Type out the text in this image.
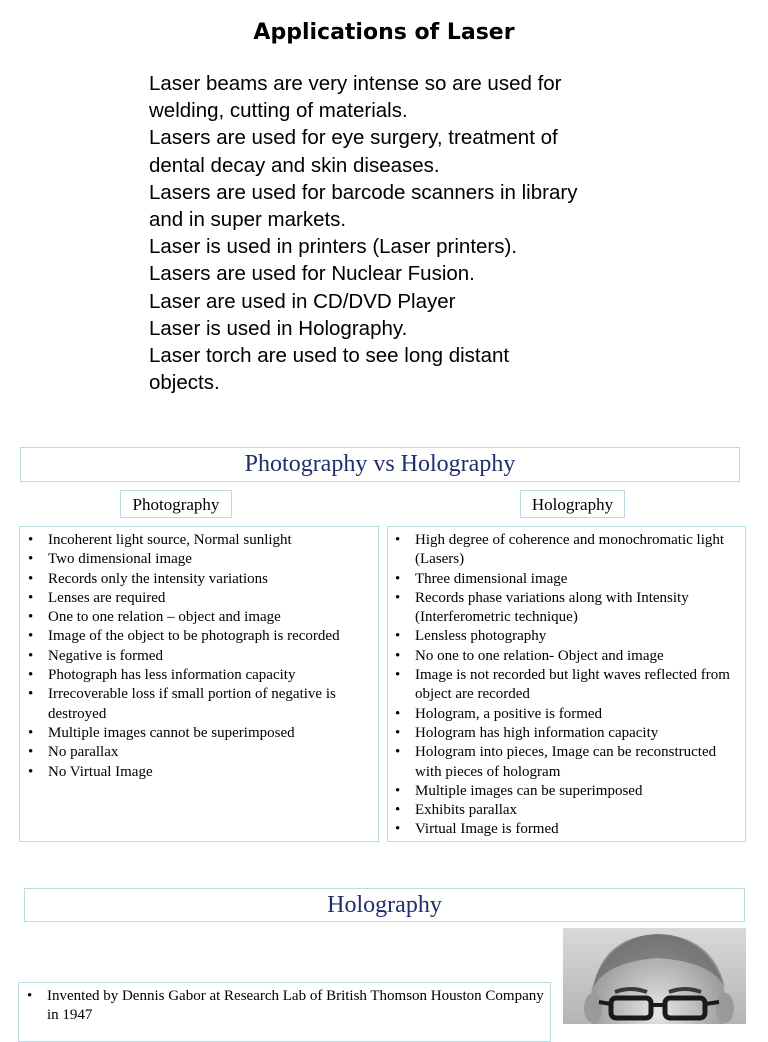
Applications of Laser
Laser beams are very intense so are used for
welding, cutting of materials.
Lasers are used for eye surgery, treatment of
dental decay and skin diseases.
Lasers are used for barcode scanners in library
and in super markets.
Laser is used in printers (Laser printers).
Lasers are used for Nuclear Fusion.
Laser are used in CD/DVD Player
Laser is used in Holography.
Laser torch are used to see long distant
objects.
Photography vs Holography
Photography	Holography
• Incoherent light source, Normal sunlight
• Two dimensional image
• Records only the intensity variations
• Lenses are required
• One to one relation – object and image
• Image of the object to be photograph is recorded
• Negative is formed
• Photograph has less information capacity
• Irrecoverable loss if small portion of negative is destroyed
• Multiple images cannot be superimposed
• No parallax
• No Virtual Image
• High degree of coherence and monochromatic light (Lasers)
• Three dimensional image
• Records phase variations along with Intensity (Interferometric technique)
• Lensless photography
• No one to one relation- Object and image
• Image is not recorded but light waves reflected from object are recorded
• Hologram, a positive is formed
• Hologram has high information capacity
• Hologram into pieces, Image can be reconstructed with pieces of hologram
• Multiple images can be superimposed
• Exhibits parallax
• Virtual Image is formed
Holography
• Invented by Dennis Gabor at Research Lab of British Thomson Houston Company in 1947
